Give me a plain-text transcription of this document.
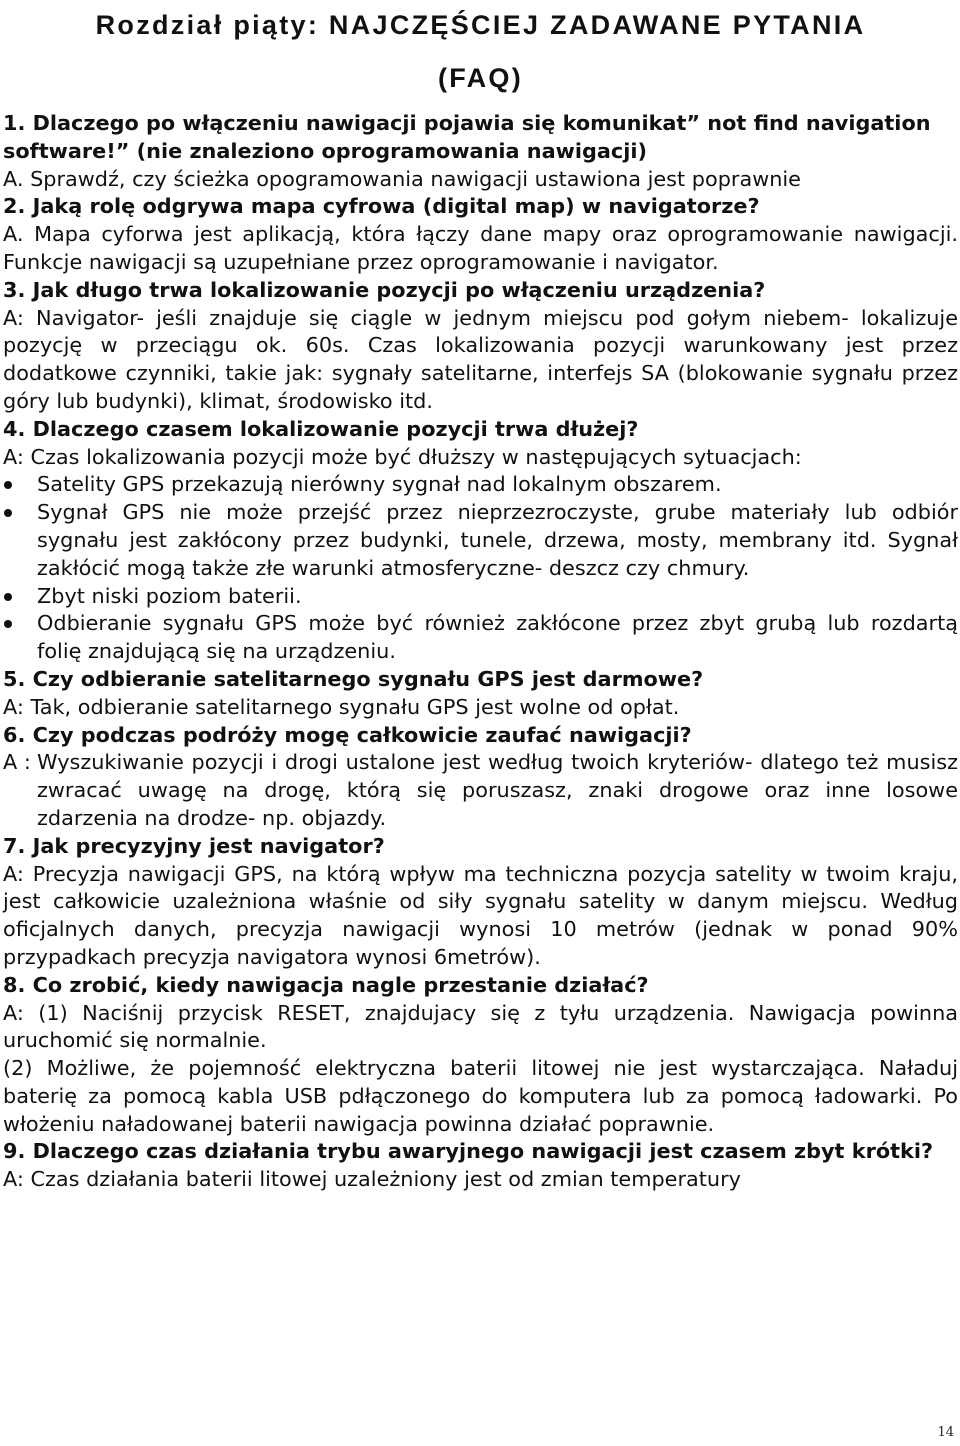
Rozdział piąty: NAJCZĘŚCIEJ ZADAWANE PYTANIA
(FAQ)

1. Dlaczego po włączeniu nawigacji pojawia się komunikat” not find navigation software!” (nie znaleziono oprogramowania nawigacji)

A. Sprawdź, czy ścieżka opogramowania nawigacji ustawiona jest poprawnie

2. Jaką rolę odgrywa mapa cyfrowa (digital map) w navigatorze?

A. Mapa cyforwa jest aplikacją, która łączy dane mapy oraz oprogramowanie nawigacji. Funkcje nawigacji są uzupełniane przez oprogramowanie i navigator.

3. Jak długo trwa lokalizowanie pozycji po włączeniu urządzenia?

A: Navigator- jeśli znajduje się ciągle w jednym miejscu pod gołym niebem- lokalizuje pozycję w przeciągu ok. 60s. Czas lokalizowania pozycji warunkowany jest przez dodatkowe czynniki, takie jak: sygnały satelitarne, interfejs SA (blokowanie sygnału przez góry lub budynki), klimat, środowisko itd.

4. Dlaczego czasem lokalizowanie pozycji trwa dłużej?

A: Czas lokalizowania pozycji może być dłuższy w następujących sytuacjach:

Satelity GPS przekazują nierówny sygnał nad lokalnym obszarem.
Sygnał GPS nie może przejść przez nieprzezroczyste, grube materiały lub odbiór sygnału jest zakłócony przez budynki, tunele, drzewa, mosty, membrany itd. Sygnał zakłócić mogą także złe warunki atmosferyczne- deszcz czy chmury.
Zbyt niski poziom baterii.
Odbieranie sygnału GPS może być również zakłócone przez zbyt grubą lub rozdartą folię znajdującą się na urządzeniu.

5. Czy odbieranie satelitarnego sygnału GPS jest darmowe?

A: Tak, odbieranie satelitarnego sygnału GPS jest wolne od opłat.

6. Czy podczas podróży mogę całkowicie zaufać nawigacji?

A : Wyszukiwanie pozycji i drogi ustalone jest według twoich kryteriów- dlatego też musisz zwracać uwagę na drogę, którą się poruszasz, znaki drogowe oraz inne losowe zdarzenia na drodze- np. objazdy.

7. Jak precyzyjny jest navigator?

A: Precyzja nawigacji GPS, na którą wpływ ma techniczna pozycja satelity w twoim kraju, jest całkowicie uzależniona właśnie od siły sygnału satelity w danym miejscu. Według oficjalnych danych, precyzja nawigacji wynosi 10 metrów (jednak w ponad 90% przypadkach precyzja navigatora wynosi 6metrów).

8. Co zrobić, kiedy nawigacja nagle przestanie działać?

A: (1) Naciśnij przycisk RESET, znajdujacy się z tyłu urządzenia. Nawigacja powinna uruchomić się normalnie.

(2) Możliwe, że pojemność elektryczna baterii litowej nie jest wystarczająca. Naładuj baterię za pomocą kabla USB pdłączonego do komputera lub za pomocą ładowarki. Po włożeniu naładowanej baterii nawigacja powinna działać poprawnie.

9. Dlaczego czas działania trybu awaryjnego nawigacji jest czasem zbyt krótki?

A: Czas działania baterii litowej uzależniony jest od zmian temperatury

14
